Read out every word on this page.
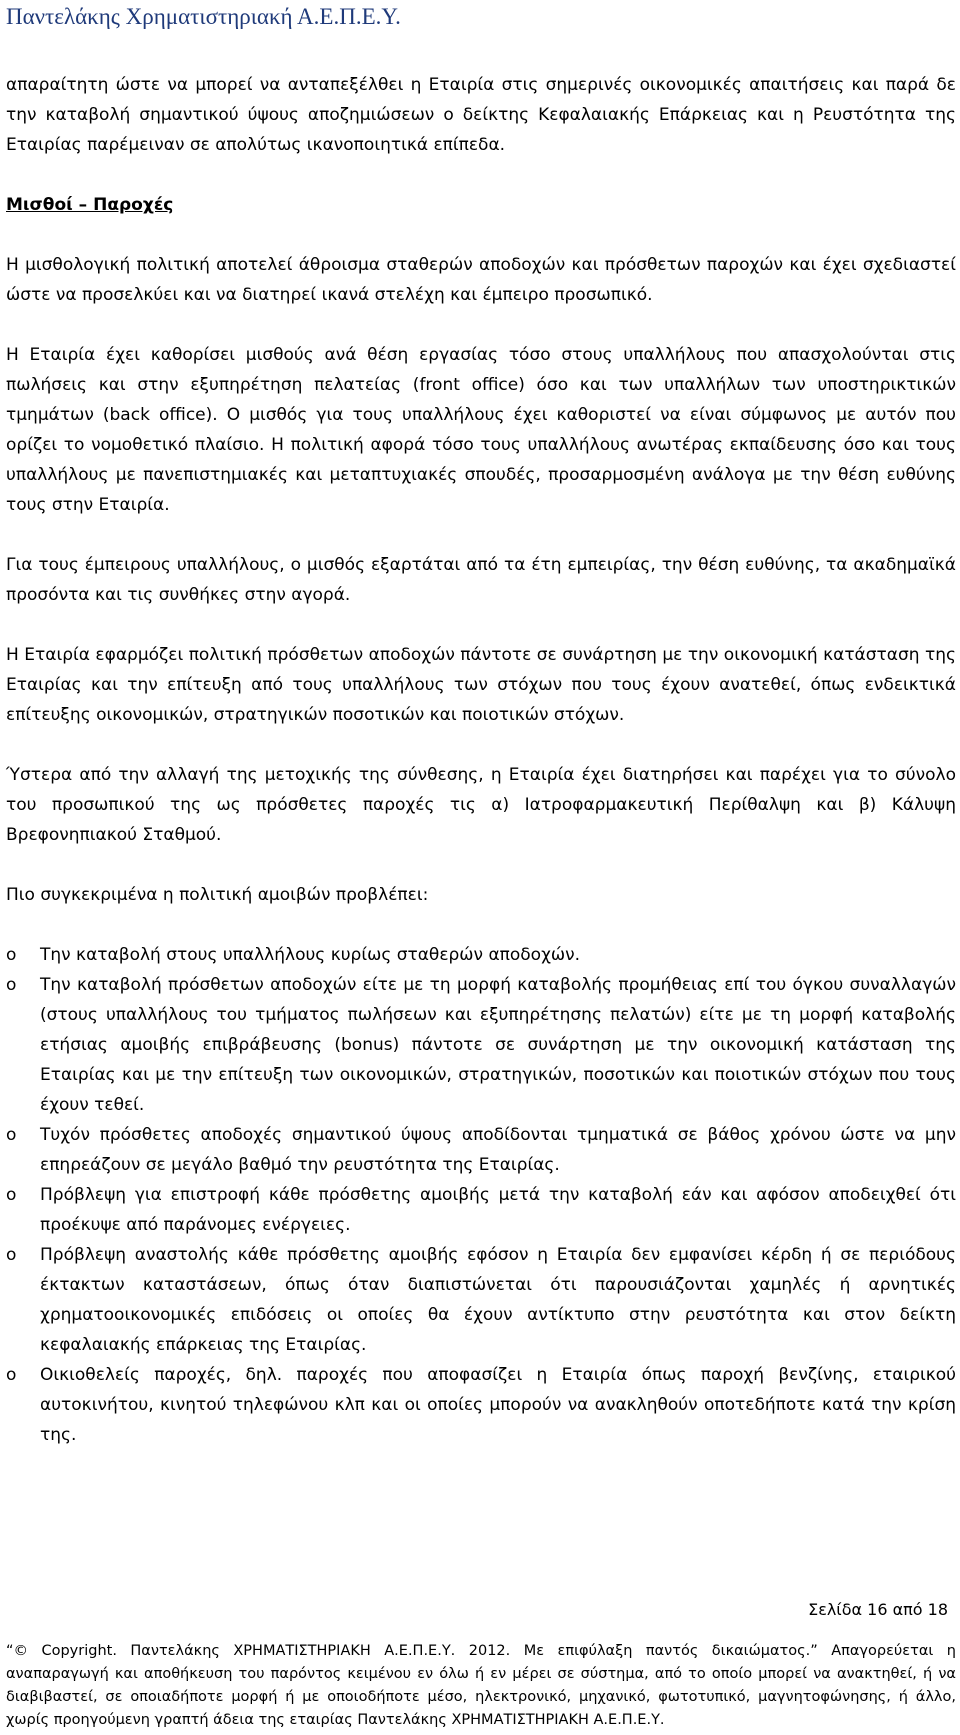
Παντελάκης Χρηματιστηριακή Α.Ε.Π.Ε.Υ.

απαραίτητη ώστε να μπορεί να ανταπεξέλθει η Εταιρία στις σημερινές οικονομικές απαιτήσεις και παρά δε την καταβολή σημαντικού ύψους αποζημιώσεων ο δείκτης Κεφαλαιακής Επάρκειας και η Ρευστότητα της Εταιρίας παρέμειναν σε απολύτως ικανοποιητικά επίπεδα.

Μισθοί – Παροχές

Η μισθολογική πολιτική αποτελεί άθροισμα σταθερών αποδοχών και πρόσθετων παροχών και έχει σχεδιαστεί ώστε να προσελκύει και να διατηρεί ικανά στελέχη και έμπειρο προσωπικό.

Η Εταιρία έχει καθορίσει μισθούς ανά θέση εργασίας τόσο στους υπαλλήλους που απασχολούνται στις πωλήσεις και στην εξυπηρέτηση πελατείας (front office) όσο και των υπαλλήλων των υποστηρικτικών τμημάτων (back office). Ο μισθός για τους υπαλλήλους έχει καθοριστεί να είναι σύμφωνος με αυτόν που ορίζει το νομοθετικό πλαίσιο. Η πολιτική αφορά τόσο τους υπαλλήλους ανωτέρας εκπαίδευσης όσο και τους υπαλλήλους με πανεπιστημιακές και μεταπτυχιακές σπουδές, προσαρμοσμένη ανάλογα με την θέση ευθύνης τους στην Εταιρία.

Για τους έμπειρους υπαλλήλους, ο μισθός εξαρτάται από τα έτη εμπειρίας, την θέση ευθύνης, τα ακαδημαϊκά προσόντα και τις συνθήκες στην αγορά.

Η Εταιρία εφαρμόζει πολιτική πρόσθετων αποδοχών πάντοτε σε συνάρτηση με την οικονομική κατάσταση της Εταιρίας και την επίτευξη από τους υπαλλήλους των στόχων που τους έχουν ανατεθεί, όπως ενδεικτικά επίτευξης οικονομικών, στρατηγικών ποσοτικών και ποιοτικών στόχων.

Ύστερα από την αλλαγή της μετοχικής της σύνθεσης, η Εταιρία έχει διατηρήσει και παρέχει για το σύνολο του προσωπικού της ως πρόσθετες παροχές τις α) Ιατροφαρμακευτική Περίθαλψη και β) Κάλυψη Βρεφονηπιακού Σταθμού.

Πιο συγκεκριμένα η πολιτική αμοιβών προβλέπει:

o	Την καταβολή στους υπαλλήλους κυρίως σταθερών αποδοχών.
o	Την καταβολή πρόσθετων αποδοχών είτε με τη μορφή καταβολής προμήθειας επί του όγκου συναλλαγών (στους υπαλλήλους του τμήματος πωλήσεων και εξυπηρέτησης πελατών) είτε με τη μορφή καταβολής ετήσιας αμοιβής επιβράβευσης (bonus) πάντοτε σε συνάρτηση με την οικονομική κατάσταση της Εταιρίας και με την επίτευξη των οικονομικών, στρατηγικών, ποσοτικών και ποιοτικών στόχων που τους έχουν τεθεί.
o	Τυχόν πρόσθετες αποδοχές σημαντικού ύψους αποδίδονται τμηματικά σε βάθος χρόνου ώστε να μην επηρεάζουν σε μεγάλο βαθμό την ρευστότητα της Εταιρίας.
o	Πρόβλεψη για επιστροφή κάθε πρόσθετης αμοιβής μετά την καταβολή εάν και αφόσον αποδειχθεί ότι προέκυψε από παράνομες ενέργειες.
o	Πρόβλεψη αναστολής κάθε πρόσθετης αμοιβής εφόσον η Εταιρία δεν εμφανίσει κέρδη ή σε περιόδους έκτακτων καταστάσεων, όπως όταν διαπιστώνεται ότι παρουσιάζονται χαμηλές ή αρνητικές χρηματοοικονομικές επιδόσεις οι οποίες θα έχουν αντίκτυπο στην ρευστότητα και στον δείκτη κεφαλαιακής επάρκειας της Εταιρίας.
o	Οικιοθελείς παροχές, δηλ. παροχές που αποφασίζει η Εταιρία όπως παροχή βενζίνης, εταιρικού αυτοκινήτου, κινητού τηλεφώνου κλπ και οι οποίες μπορούν να ανακληθούν οποτεδήποτε κατά την κρίση της.
Σελίδα 16 από 18
“© Copyright. Παντελάκης ΧΡΗΜΑΤΙΣΤΗΡΙΑΚΗ Α.Ε.Π.Ε.Υ. 2012. Με επιφύλαξη παντός δικαιώματος.” Απαγορεύεται η αναπαραγωγή και αποθήκευση του παρόντος κειμένου εν όλω ή εν μέρει σε σύστημα, από το οποίο μπορεί να ανακτηθεί, ή να διαβιβαστεί, σε οποιαδήποτε μορφή ή με οποιοδήποτε μέσο, ηλεκτρονικό, μηχανικό, φωτοτυπικό, μαγνητοφώνησης, ή άλλο, χωρίς προηγούμενη γραπτή άδεια της εταιρίας Παντελάκης ΧΡΗΜΑΤΙΣΤΗΡΙΑΚΗ Α.Ε.Π.Ε.Υ.
